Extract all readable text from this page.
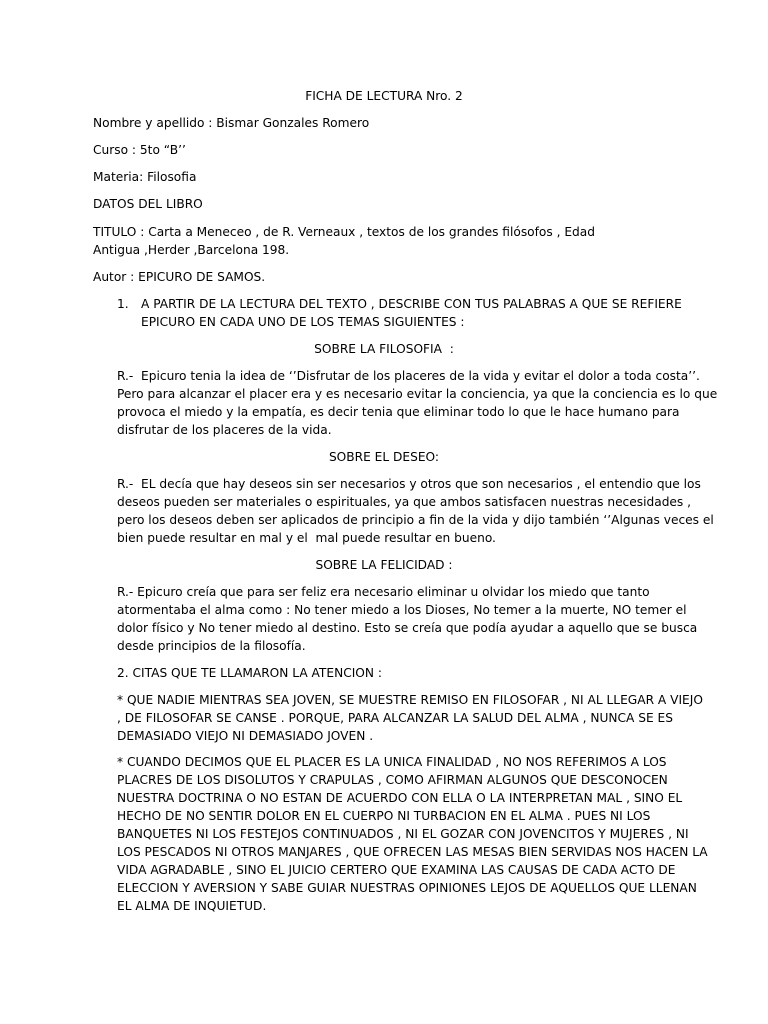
FICHA DE LECTURA Nro. 2
Nombre y apellido : Bismar Gonzales Romero
Curso : 5to “B’’
Materia: Filosofia
DATOS DEL LIBRO
TITULO : Carta a Meneceo , de R. Verneaux , textos de los grandes filósofos , Edad
Antigua ,Herder ,Barcelona 198.
Autor : EPICURO DE SAMOS.
1. A PARTIR DE LA LECTURA DEL TEXTO , DESCRIBE CON TUS PALABRAS A QUE SE REFIERE
EPICURO EN CADA UNO DE LOS TEMAS SIGUIENTES :
SOBRE LA FILOSOFIA  :
R.-  Epicuro tenia la idea de ‘’Disfrutar de los placeres de la vida y evitar el dolor a toda costa’’.
Pero para alcanzar el placer era y es necesario evitar la conciencia, ya que la conciencia es lo que
provoca el miedo y la empatía, es decir tenia que eliminar todo lo que le hace humano para
disfrutar de los placeres de la vida.
SOBRE EL DESEO:
R.-  EL decía que hay deseos sin ser necesarios y otros que son necesarios , el entendio que los
deseos pueden ser materiales o espirituales, ya que ambos satisfacen nuestras necesidades ,
pero los deseos deben ser aplicados de principio a fin de la vida y dijo también ‘’Algunas veces el
bien puede resultar en mal y el  mal puede resultar en bueno.
SOBRE LA FELICIDAD :
R.- Epicuro creía que para ser feliz era necesario eliminar u olvidar los miedo que tanto
atormentaba el alma como : No tener miedo a los Dioses, No temer a la muerte, NO temer el
dolor físico y No tener miedo al destino. Esto se creía que podía ayudar a aquello que se busca
desde principios de la filosofía.
2. CITAS QUE TE LLAMARON LA ATENCION :
* QUE NADIE MIENTRAS SEA JOVEN, SE MUESTRE REMISO EN FILOSOFAR , NI AL LLEGAR A VIEJO
, DE FILOSOFAR SE CANSE . PORQUE, PARA ALCANZAR LA SALUD DEL ALMA , NUNCA SE ES
DEMASIADO VIEJO NI DEMASIADO JOVEN .
* CUANDO DECIMOS QUE EL PLACER ES LA UNICA FINALIDAD , NO NOS REFERIMOS A LOS
PLACRES DE LOS DISOLUTOS Y CRAPULAS , COMO AFIRMAN ALGUNOS QUE DESCONOCEN
NUESTRA DOCTRINA O NO ESTAN DE ACUERDO CON ELLA O LA INTERPRETAN MAL , SINO EL
HECHO DE NO SENTIR DOLOR EN EL CUERPO NI TURBACION EN EL ALMA . PUES NI LOS
BANQUETES NI LOS FESTEJOS CONTINUADOS , NI EL GOZAR CON JOVENCITOS Y MUJERES , NI
LOS PESCADOS NI OTROS MANJARES , QUE OFRECEN LAS MESAS BIEN SERVIDAS NOS HACEN LA
VIDA AGRADABLE , SINO EL JUICIO CERTERO QUE EXAMINA LAS CAUSAS DE CADA ACTO DE
ELECCION Y AVERSION Y SABE GUIAR NUESTRAS OPINIONES LEJOS DE AQUELLOS QUE LLENAN
EL ALMA DE INQUIETUD.
